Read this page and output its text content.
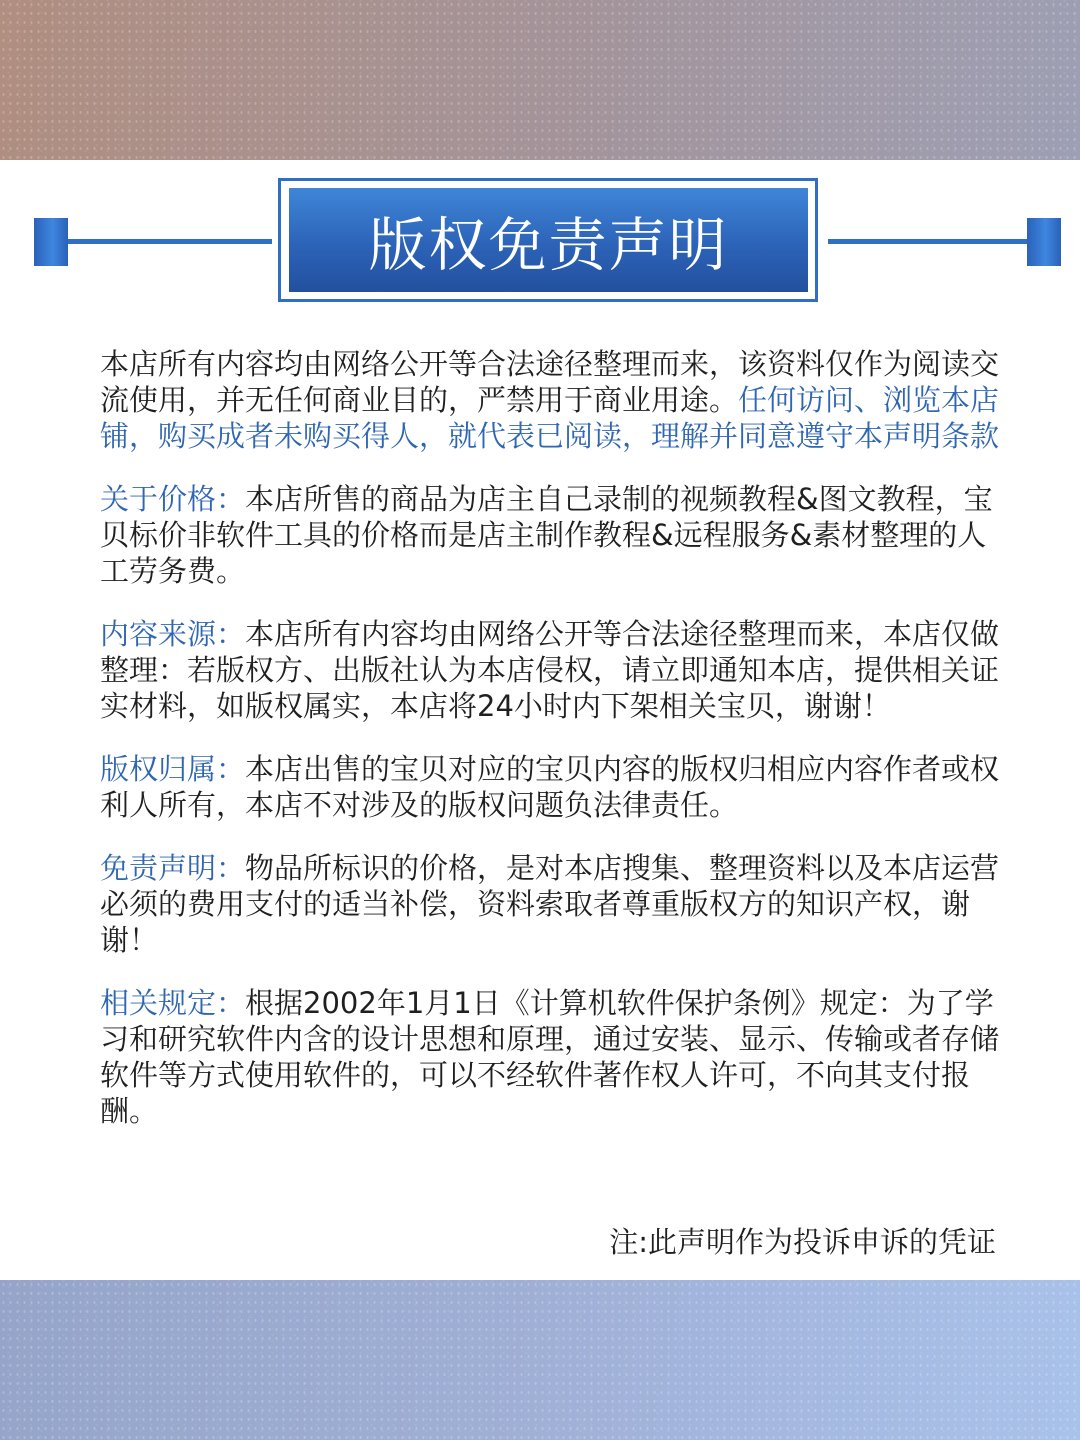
版权免责声明

本店所有内容均由网络公开等合法途径整理而来，该资料仅作为阅读交流使用，并无任何商业目的，严禁用于商业用途。任何访问、浏览本店铺，购买成者未购买得人，就代表已阅读，理解并同意遵守本声明条款

关于价格：本店所售的商品为店主自己录制的视频教程&图文教程，宝贝标价非软件工具的价格而是店主制作教程&远程服务&素材整理的人工劳务费。

内容来源：本店所有内容均由网络公开等合法途径整理而来，本店仅做整理：若版权方、出版社认为本店侵权，请立即通知本店，提供相关证实材料，如版权属实，本店将24小时内下架相关宝贝，谢谢！

版权归属：本店出售的宝贝对应的宝贝内容的版权归相应内容作者或权利人所有，本店不对涉及的版权问题负法律责任。

免责声明：物品所标识的价格，是对本店搜集、整理资料以及本店运营必须的费用支付的适当补偿，资料索取者尊重版权方的知识产权，谢谢！

相关规定：根据2002年1月1日《计算机软件保护条例》规定：为了学习和研究软件内含的设计思想和原理，通过安装、显示、传输或者存储软件等方式使用软件的，可以不经软件著作权人许可，不向其支付报酬。

注:此声明作为投诉申诉的凭证
